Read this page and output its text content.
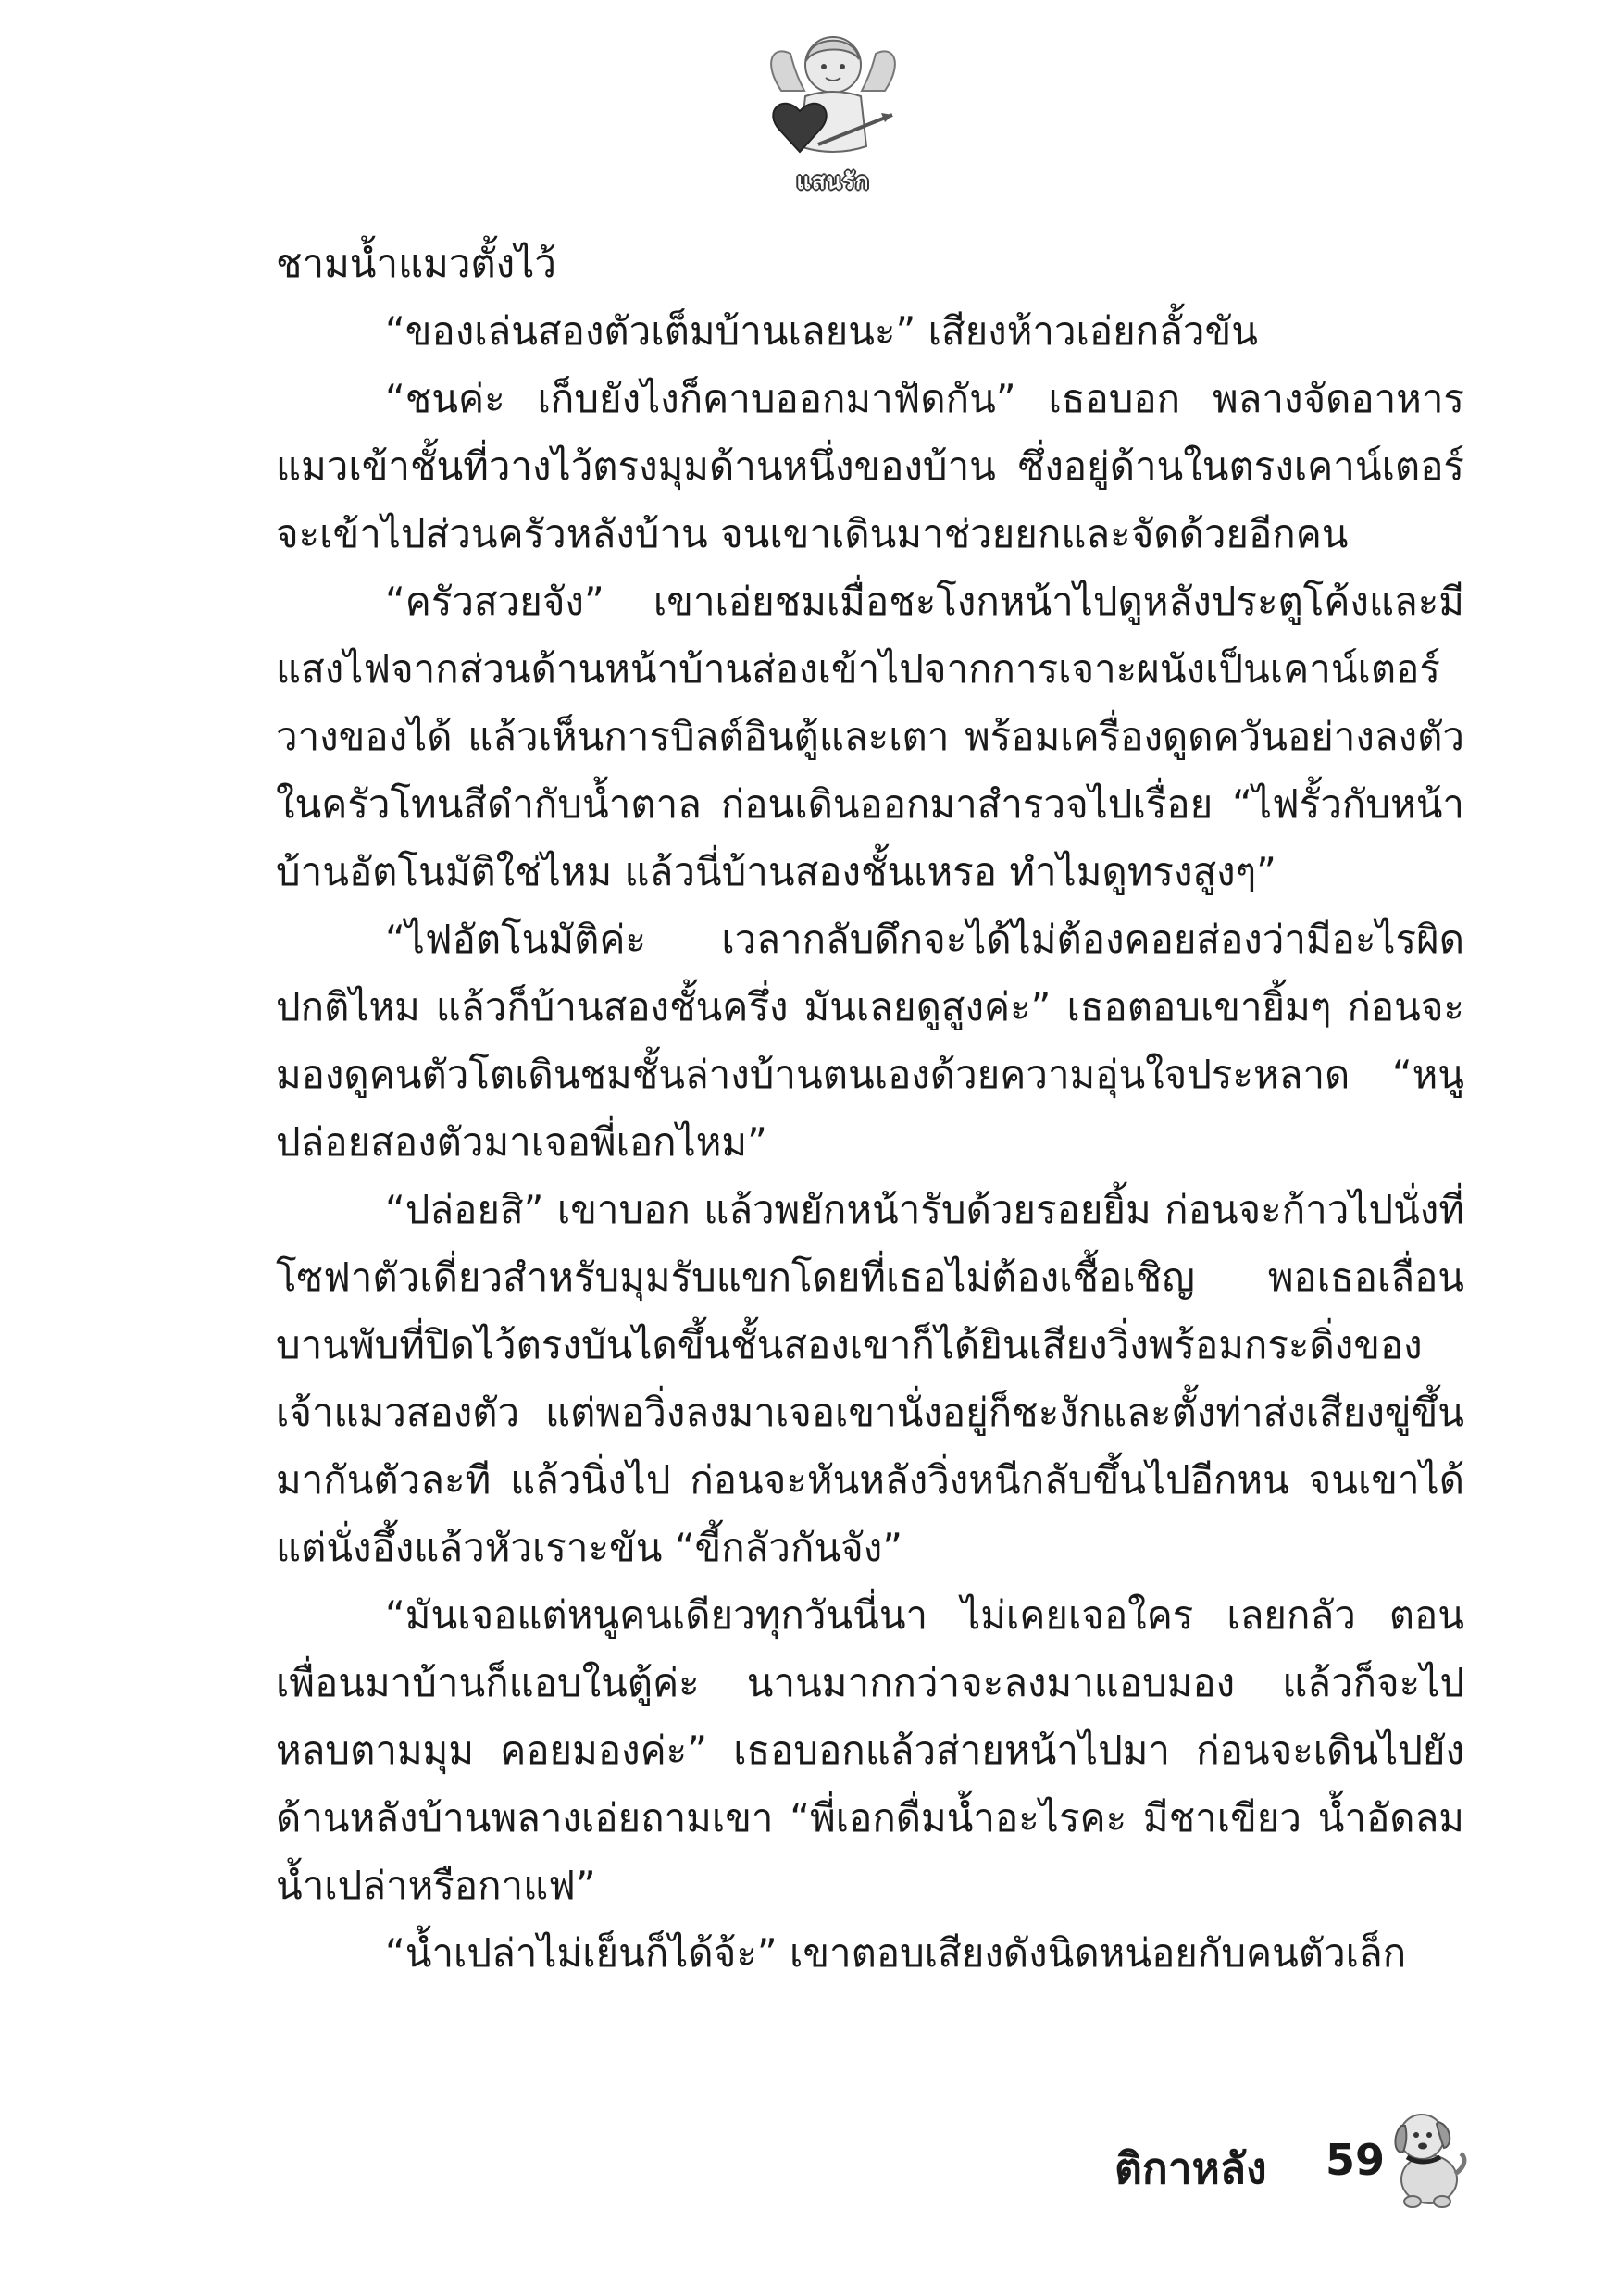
แสนรัก

ชามน้ำแมวตั้งไว้

“ของเล่นสองตัวเต็มบ้านเลยนะ” เสียงห้าวเอ่ยกลั้วขัน

“ชนค่ะ เก็บยังไงก็คาบออกมาฟัดกัน” เธอบอก พลางจัดอาหารแมวเข้าชั้นที่วางไว้ตรงมุมด้านหนึ่งของบ้าน ซึ่งอยู่ด้านในตรงเคาน์เตอร์จะเข้าไปส่วนครัวหลังบ้าน จนเขาเดินมาช่วยยกและจัดด้วยอีกคน

“ครัวสวยจัง” เขาเอ่ยชมเมื่อชะโงกหน้าไปดูหลังประตูโค้งและมีแสงไฟจากส่วนด้านหน้าบ้านส่องเข้าไปจากการเจาะผนังเป็นเคาน์เตอร์วางของได้ แล้วเห็นการบิลต์อินตู้และเตา พร้อมเครื่องดูดควันอย่างลงตัวในครัวโทนสีดำกับน้ำตาล ก่อนเดินออกมาสำรวจไปเรื่อย “ไฟรั้วกับหน้าบ้านอัตโนมัติใช่ไหม แล้วนี่บ้านสองชั้นเหรอ ทำไมดูทรงสูงๆ”

“ไฟอัตโนมัติค่ะ เวลากลับดึกจะได้ไม่ต้องคอยส่องว่ามีอะไรผิดปกติไหม แล้วก็บ้านสองชั้นครึ่ง มันเลยดูสูงค่ะ” เธอตอบเขายิ้มๆ ก่อนจะมองดูคนตัวโตเดินชมชั้นล่างบ้านตนเองด้วยความอุ่นใจประหลาด “หนูปล่อยสองตัวมาเจอพี่เอกไหม”

“ปล่อยสิ” เขาบอก แล้วพยักหน้ารับด้วยรอยยิ้ม ก่อนจะก้าวไปนั่งที่โซฟาตัวเดี่ยวสำหรับมุมรับแขกโดยที่เธอไม่ต้องเชื้อเชิญ พอเธอเลื่อนบานพับที่ปิดไว้ตรงบันไดขึ้นชั้นสองเขาก็ได้ยินเสียงวิ่งพร้อมกระดิ่งของเจ้าแมวสองตัว แต่พอวิ่งลงมาเจอเขานั่งอยู่ก็ชะงักและตั้งท่าส่งเสียงขู่ขึ้นมากันตัวละที แล้วนิ่งไป ก่อนจะหันหลังวิ่งหนีกลับขึ้นไปอีกหน จนเขาได้แต่นั่งอึ้งแล้วหัวเราะขัน “ขี้กลัวกันจัง”

“มันเจอแต่หนูคนเดียวทุกวันนี่นา ไม่เคยเจอใคร เลยกลัว ตอนเพื่อนมาบ้านก็แอบในตู้ค่ะ นานมากกว่าจะลงมาแอบมอง แล้วก็จะไปหลบตามมุม คอยมองค่ะ” เธอบอกแล้วส่ายหน้าไปมา ก่อนจะเดินไปยังด้านหลังบ้านพลางเอ่ยถามเขา “พี่เอกดื่มน้ำอะไรคะ มีชาเขียว น้ำอัดลม น้ำเปล่าหรือกาแฟ”

“น้ำเปล่าไม่เย็นก็ได้จ้ะ” เขาตอบเสียงดังนิดหน่อยกับคนตัวเล็ก

ติกาหลัง 59
